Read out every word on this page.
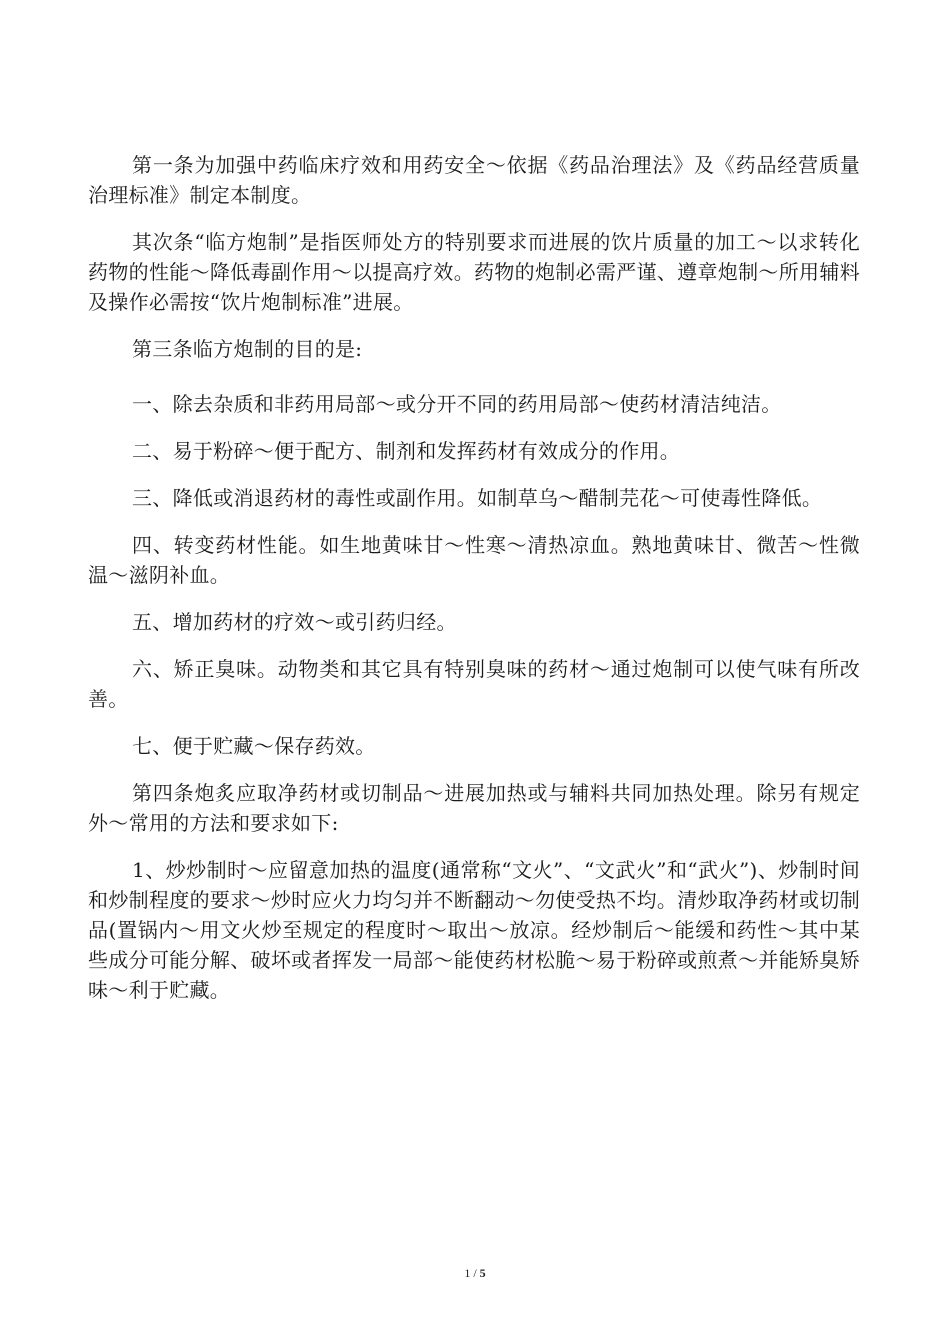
第一条为加强中药临床疗效和用药安全～依据《药品治理法》及《药品经营质量治理标准》制定本制度。

其次条“临方炮制”是指医师处方的特别要求而进展的饮片质量的加工～以求转化药物的性能～降低毒副作用～以提高疗效。药物的炮制必需严谨、遵章炮制～所用辅料及操作必需按“饮片炮制标准”进展。

第三条临方炮制的目的是:

一、除去杂质和非药用局部～或分开不同的药用局部～使药材清洁纯洁。

二、易于粉碎～便于配方、制剂和发挥药材有效成分的作用。

三、降低或消退药材的毒性或副作用。如制草乌～醋制芫花～可使毒性降低。

四、转变药材性能。如生地黄味甘～性寒～清热凉血。熟地黄味甘、微苦～性微温～滋阴补血。

五、增加药材的疗效～或引药归经。

六、矫正臭味。动物类和其它具有特别臭味的药材～通过炮制可以使气味有所改善。

七、便于贮藏～保存药效。

第四条炮炙应取净药材或切制品～进展加热或与辅料共同加热处理。除另有规定外～常用的方法和要求如下:

1、炒炒制时～应留意加热的温度(通常称“文火”、“文武火”和“武火”)、炒制时间和炒制程度的要求～炒时应火力均匀并不断翻动～勿使受热不均。清炒取净药材或切制品(置锅内～用文火炒至规定的程度时～取出～放凉。经炒制后～能缓和药性～其中某些成分可能分解、破坏或者挥发一局部～能使药材松脆～易于粉碎或煎煮～并能矫臭矫味～利于贮藏。

1 / 5
